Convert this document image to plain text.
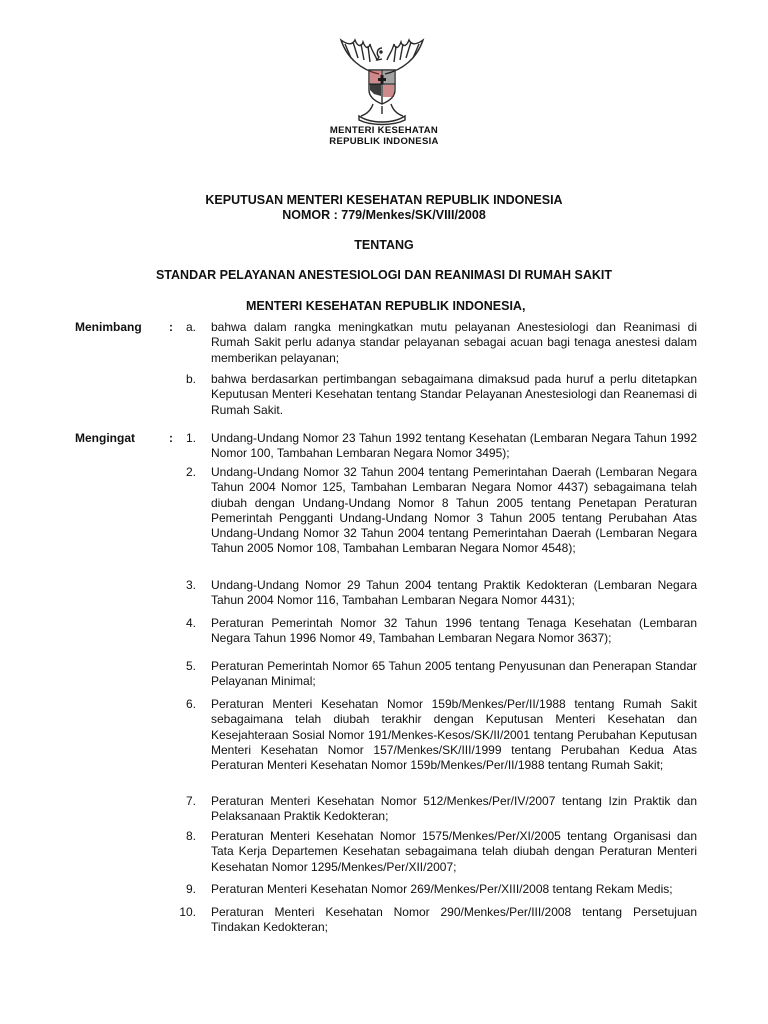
MENTERI KESEHATAN
REPUBLIK INDONESIA
KEPUTUSAN MENTERI KESEHATAN REPUBLIK INDONESIA
NOMOR : 779/Menkes/SK/VIII/2008
TENTANG
STANDAR PELAYANAN ANESTESIOLOGI DAN REANIMASI DI RUMAH SAKIT
MENTERI KESEHATAN REPUBLIK INDONESIA,
Menimbang :	a. bahwa dalam rangka meningkatkan mutu pelayanan Anestesiologi dan Reanimasi di Rumah Sakit perlu adanya standar pelayanan sebagai acuan bagi tenaga anestesi dalam memberikan pelayanan;
b. bahwa berdasarkan pertimbangan sebagaimana dimaksud pada huruf a perlu ditetapkan Keputusan Menteri Kesehatan tentang Standar Pelayanan Anestesiologi dan Reanemasi di Rumah Sakit.
Mengingat	:	1. Undang-Undang Nomor 23 Tahun 1992 tentang Kesehatan (Lembaran Negara Tahun 1992 Nomor 100, Tambahan Lembaran Negara Nomor 3495);
2. Undang-Undang Nomor 32 Tahun 2004 tentang Pemerintahan Daerah (Lembaran Negara Tahun 2004 Nomor 125, Tambahan Lembaran Negara Nomor 4437) sebagaimana telah diubah dengan Undang-Undang Nomor 8 Tahun 2005 tentang Penetapan Peraturan Pemerintah Pengganti Undang-Undang Nomor 3 Tahun 2005 tentang Perubahan Atas Undang-Undang Nomor 32 Tahun 2004 tentang Pemerintahan Daerah (Lembaran Negara Tahun 2005 Nomor 108, Tambahan Lembaran Negara Nomor 4548);
3. Undang-Undang Nomor 29 Tahun 2004 tentang Praktik Kedokteran (Lembaran Negara Tahun 2004 Nomor 116, Tambahan Lembaran Negara Nomor 4431);
4. Peraturan Pemerintah Nomor 32 Tahun 1996 tentang Tenaga Kesehatan (Lembaran Negara Tahun 1996 Nomor 49, Tambahan Lembaran Negara Nomor 3637);
5. Peraturan Pemerintah Nomor 65 Tahun 2005 tentang Penyusunan dan Penerapan Standar Pelayanan Minimal;
6. Peraturan Menteri Kesehatan Nomor 159b/Menkes/Per/II/1988 tentang Rumah Sakit sebagaimana telah diubah terakhir dengan Keputusan Menteri Kesehatan dan Kesejahteraan Sosial Nomor 191/Menkes-Kesos/SK/II/2001 tentang Perubahan Keputusan Menteri Kesehatan Nomor 157/Menkes/SK/III/1999 tentang Perubahan Kedua Atas Peraturan Menteri Kesehatan Nomor 159b/Menkes/Per/II/1988 tentang Rumah Sakit;
7. Peraturan Menteri Kesehatan Nomor 512/Menkes/Per/IV/2007 tentang Izin Praktik dan Pelaksanaan Praktik Kedokteran;
8. Peraturan Menteri Kesehatan Nomor 1575/Menkes/Per/XI/2005 tentang Organisasi dan Tata Kerja Departemen Kesehatan sebagaimana telah diubah dengan Peraturan Menteri Kesehatan Nomor 1295/Menkes/Per/XII/2007;
9. Peraturan Menteri Kesehatan Nomor 269/Menkes/Per/XIII/2008 tentang Rekam Medis;
10. Peraturan Menteri Kesehatan Nomor 290/Menkes/Per/III/2008 tentang Persetujuan Tindakan Kedokteran;
